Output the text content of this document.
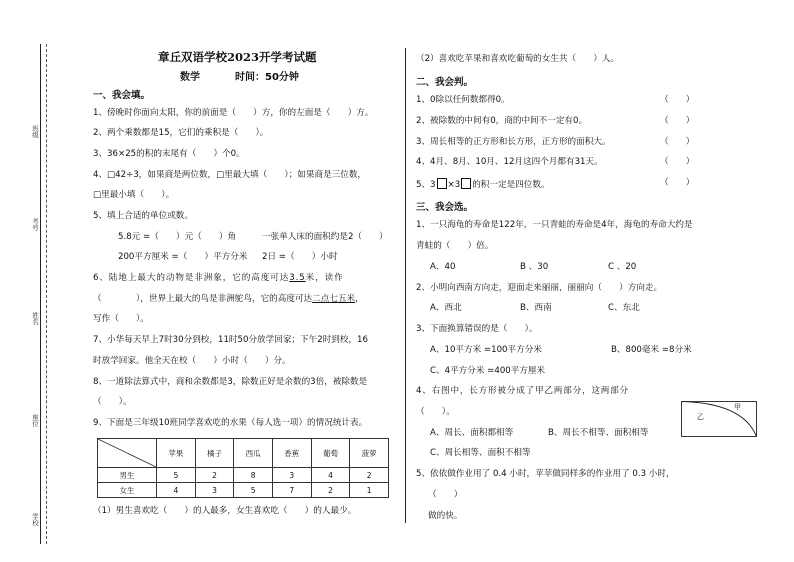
班级
考号
姓名
座位
学校
章丘双语学校2023开学考试题
数学	时间：50分钟
一、我会填。
1、傍晚时你面向太阳，你的前面是（　　）方，你的左面是（　　）方。
2、两个乘数都是15，它们的乘积是（　　）。
3、36×25的积的末尾有（　　）个0。
4、□42÷3，如果商是两位数，□里最大填（　　）；如果商是三位数，
□里最小填（　　）。
5、填上合适的单位或数。
5.8元 =（　　）元（　　）角	一张单人床的面积约是2（　　）
200平方厘米 =（　　）平方分米 2日 =（　　）小时
6、陆地上最大的动物是非洲象，它的高度可达3.5米，读作
（　　　　），世界上最大的鸟是非洲鸵鸟，它的高度可达二点七五米，
写作（　　）。
7、小华每天早上7时30分到校，11时50分放学回家；下午2时到校，16
时放学回家。他全天在校（　　）小时（　　）分。
8、一道除法算式中，商和余数都是3，除数正好是余数的3倍，被除数是
（　　）。
9、下面是三年级10班同学喜欢吃的水果（每人选一项）的情况统计表。
	苹果	橘子	西瓜	香蕉	葡萄	菠萝
男生	5	2	8	3	4	2
女生	4	3	5	7	2	1
（1）男生喜欢吃（　　）的人最多，女生喜欢吃（　　）的人最少。
（2）喜欢吃苹果和喜欢吃葡萄的女生共（　　）人。
二、我会判。
1、0除以任何数都得0。	（　　）
2、被除数的中间有0，商的中间不一定有0。	（　　）
3、周长相等的正方形和长方形，正方形的面积大。	（　　）
4、4月、8月、10月、12月这四个月都有31天。	（　　）
5、3 ×3 的积一定是四位数。	（　　）
三、我会选。
1、一只海龟的寿命是122年，一只青蛙的寿命是4年，海龟的寿命大约是
青蛙的（　　）倍。
A、40	B 、30	C 、20
2、小明向西南方向走，迎面走来丽丽，丽丽向（　　）方向走。
A、西北	B、西南	C、东北
3、下面换算错误的是（　　）。
A、10平方米 =100平方分米	B、800毫米 =8分米
C、4平方分米 =400平方厘米
4、右图中，长方形被分成了甲乙两部分，这两部分
（　　）。	甲
乙
A、周长、面积都相等	B、周长不相等、面积相等
C、周长相等、面积不相等
5、依依做作业用了 0.4 小时，苹苹做同样多的作业用了 0.3 小时，
（　　）
做的快。
